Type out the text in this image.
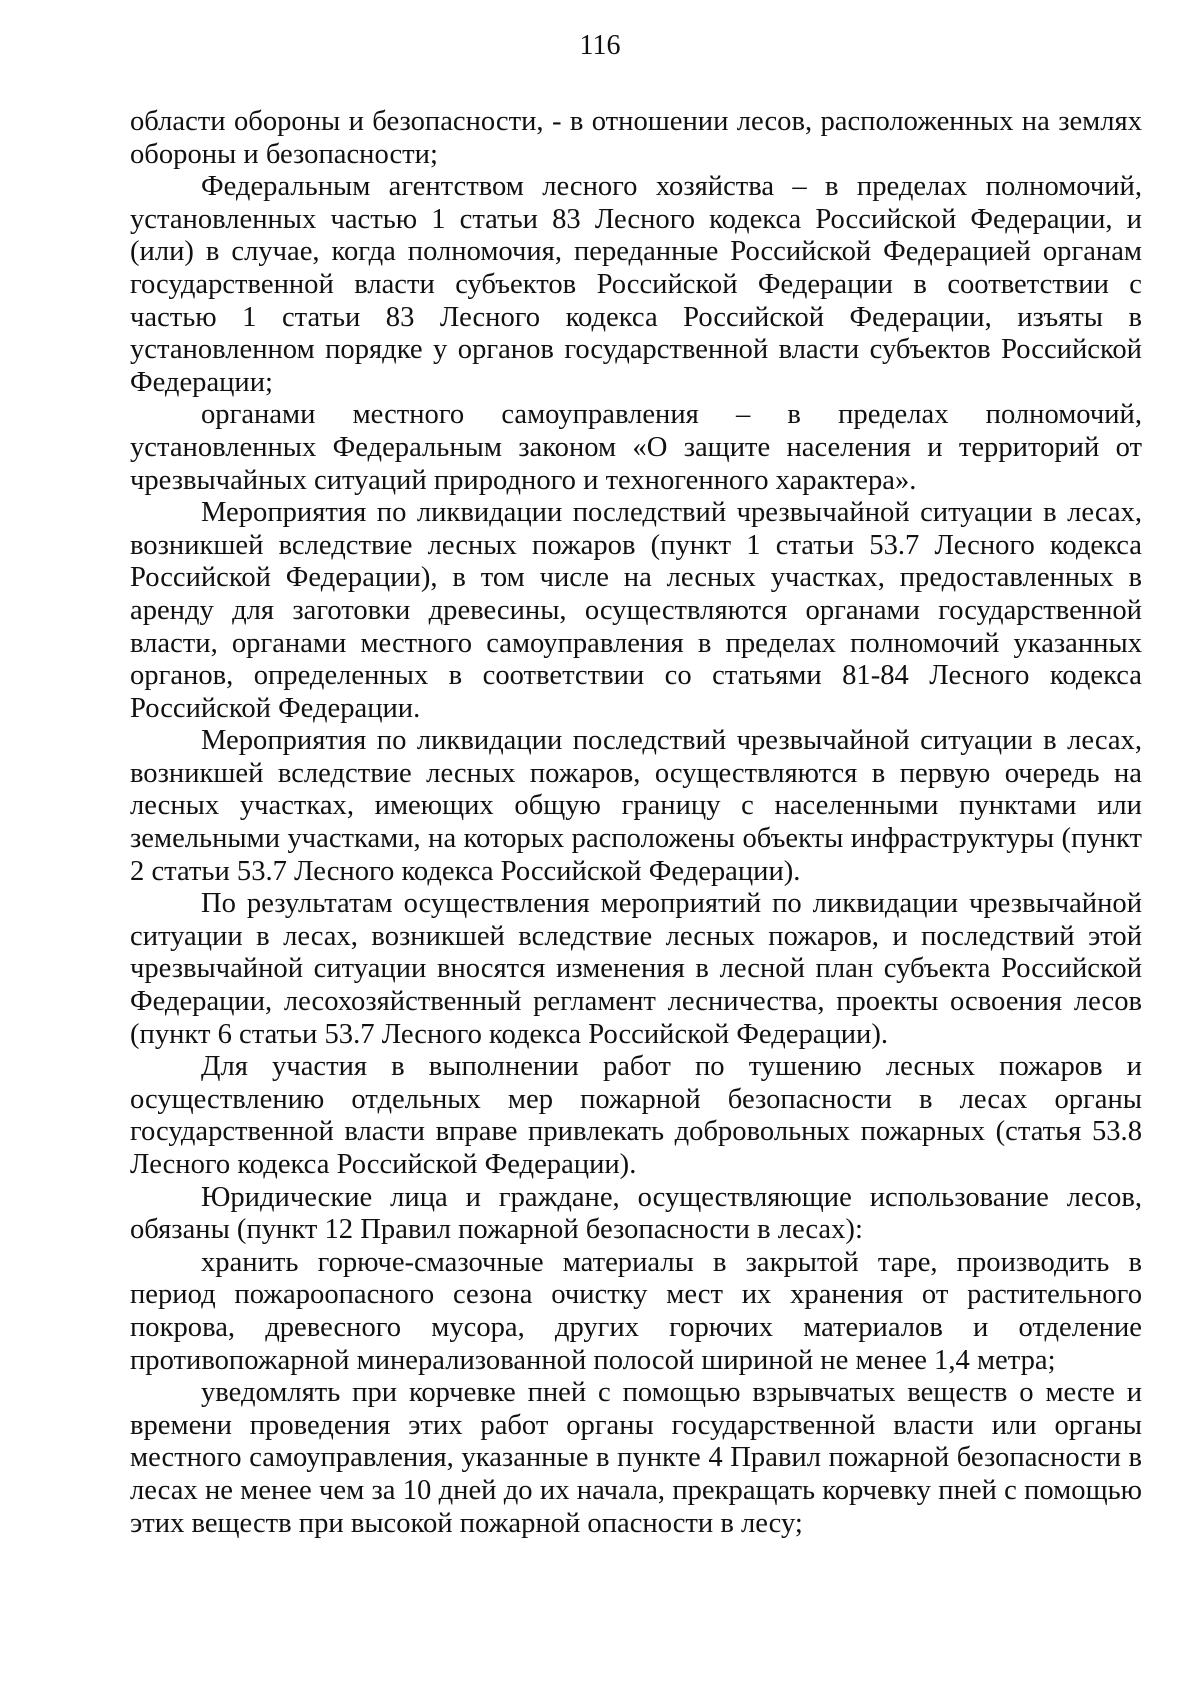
116

области обороны и безопасности, - в отношении лесов, расположенных на землях обороны и безопасности;

Федеральным агентством лесного хозяйства – в пределах полномочий, установленных частью 1 статьи 83 Лесного кодекса Российской Федерации, и (или) в случае, когда полномочия, переданные Российской Федерацией органам государственной власти субъектов Российской Федерации в соответствии с частью 1 статьи 83 Лесного кодекса Российской Федерации, изъяты в установленном порядке у органов государственной власти субъектов Российской Федерации;

органами местного самоуправления – в пределах полномочий, установленных Федеральным законом «О защите населения и территорий от чрезвычайных ситуаций природного и техногенного характера».

Мероприятия по ликвидации последствий чрезвычайной ситуации в лесах, возникшей вследствие лесных пожаров (пункт 1 статьи 53.7 Лесного кодекса Российской Федерации), в том числе на лесных участках, предоставленных в аренду для заготовки древесины, осуществляются органами государственной власти, органами местного самоуправления в пределах полномочий указанных органов, определенных в соответствии со статьями 81-84 Лесного кодекса Российской Федерации.

Мероприятия по ликвидации последствий чрезвычайной ситуации в лесах, возникшей вследствие лесных пожаров, осуществляются в первую очередь на лесных участках, имеющих общую границу с населенными пунктами или земельными участками, на которых расположены объекты инфраструктуры (пункт 2 статьи 53.7 Лесного кодекса Российской Федерации).

По результатам осуществления мероприятий по ликвидации чрезвычайной ситуации в лесах, возникшей вследствие лесных пожаров, и последствий этой чрезвычайной ситуации вносятся изменения в лесной план субъекта Российской Федерации, лесохозяйственный регламент лесничества, проекты освоения лесов (пункт 6 статьи 53.7 Лесного кодекса Российской Федерации).

Для участия в выполнении работ по тушению лесных пожаров и осуществлению отдельных мер пожарной безопасности в лесах органы государственной власти вправе привлекать добровольных пожарных (статья 53.8 Лесного кодекса Российской Федерации).

Юридические лица и граждане, осуществляющие использование лесов, обязаны (пункт 12 Правил пожарной безопасности в лесах):

хранить горюче-смазочные материалы в закрытой таре, производить в период пожароопасного сезона очистку мест их хранения от растительного покрова, древесного мусора, других горючих материалов и отделение противопожарной минерализованной полосой шириной не менее 1,4 метра;

уведомлять при корчевке пней с помощью взрывчатых веществ о месте и времени проведения этих работ органы государственной власти или органы местного самоуправления, указанные в пункте 4 Правил пожарной безопасности в лесах не менее чем за 10 дней до их начала, прекращать корчевку пней с помощью этих веществ при высокой пожарной опасности в лесу;
